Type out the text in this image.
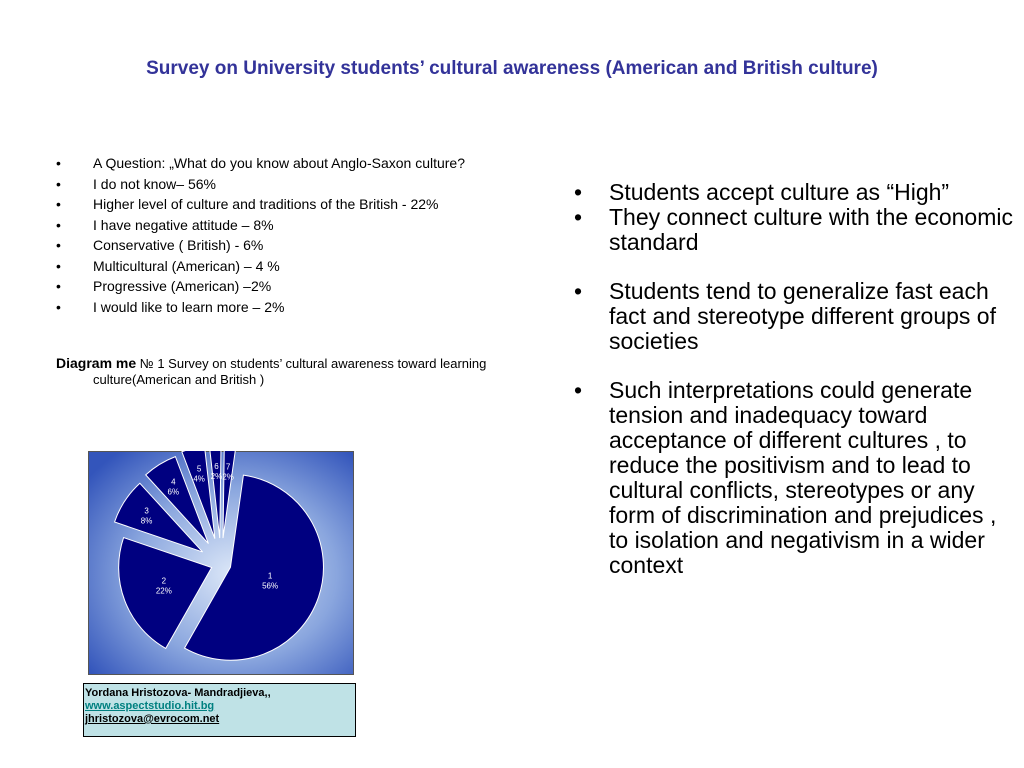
Survey on University students’ cultural awareness (American and British culture)
• A Question: „What do you know about Anglo-Saxon culture?
• I do not know– 56%
• Higher level of culture and traditions of the British - 22%
• I have negative attitude – 8%
• Conservative ( British) - 6%
• Multicultural (American) – 4 %
• Progressive (American) –2%
• I would like to learn more – 2%
Diagram me № 1 Survey on students’ cultural awareness toward learning
culture(American and British )
1
56%
2
22%
3
8%
4
6%
5
4%
6
2%
7
2%
Yordana Hristozova- Mandradjieva,,
www.aspectstudio.hit.bg
jhristozova@evrocom.net
• Students accept culture as “High”
• They connect culture with the economic standard
• Students tend to generalize fast each fact and stereotype different groups of societies
• Such interpretations could generate tension and inadequacy toward acceptance of different cultures , to reduce the positivism and to lead to cultural conflicts, stereotypes or any form of discrimination and prejudices , to isolation and negativism in a wider context
